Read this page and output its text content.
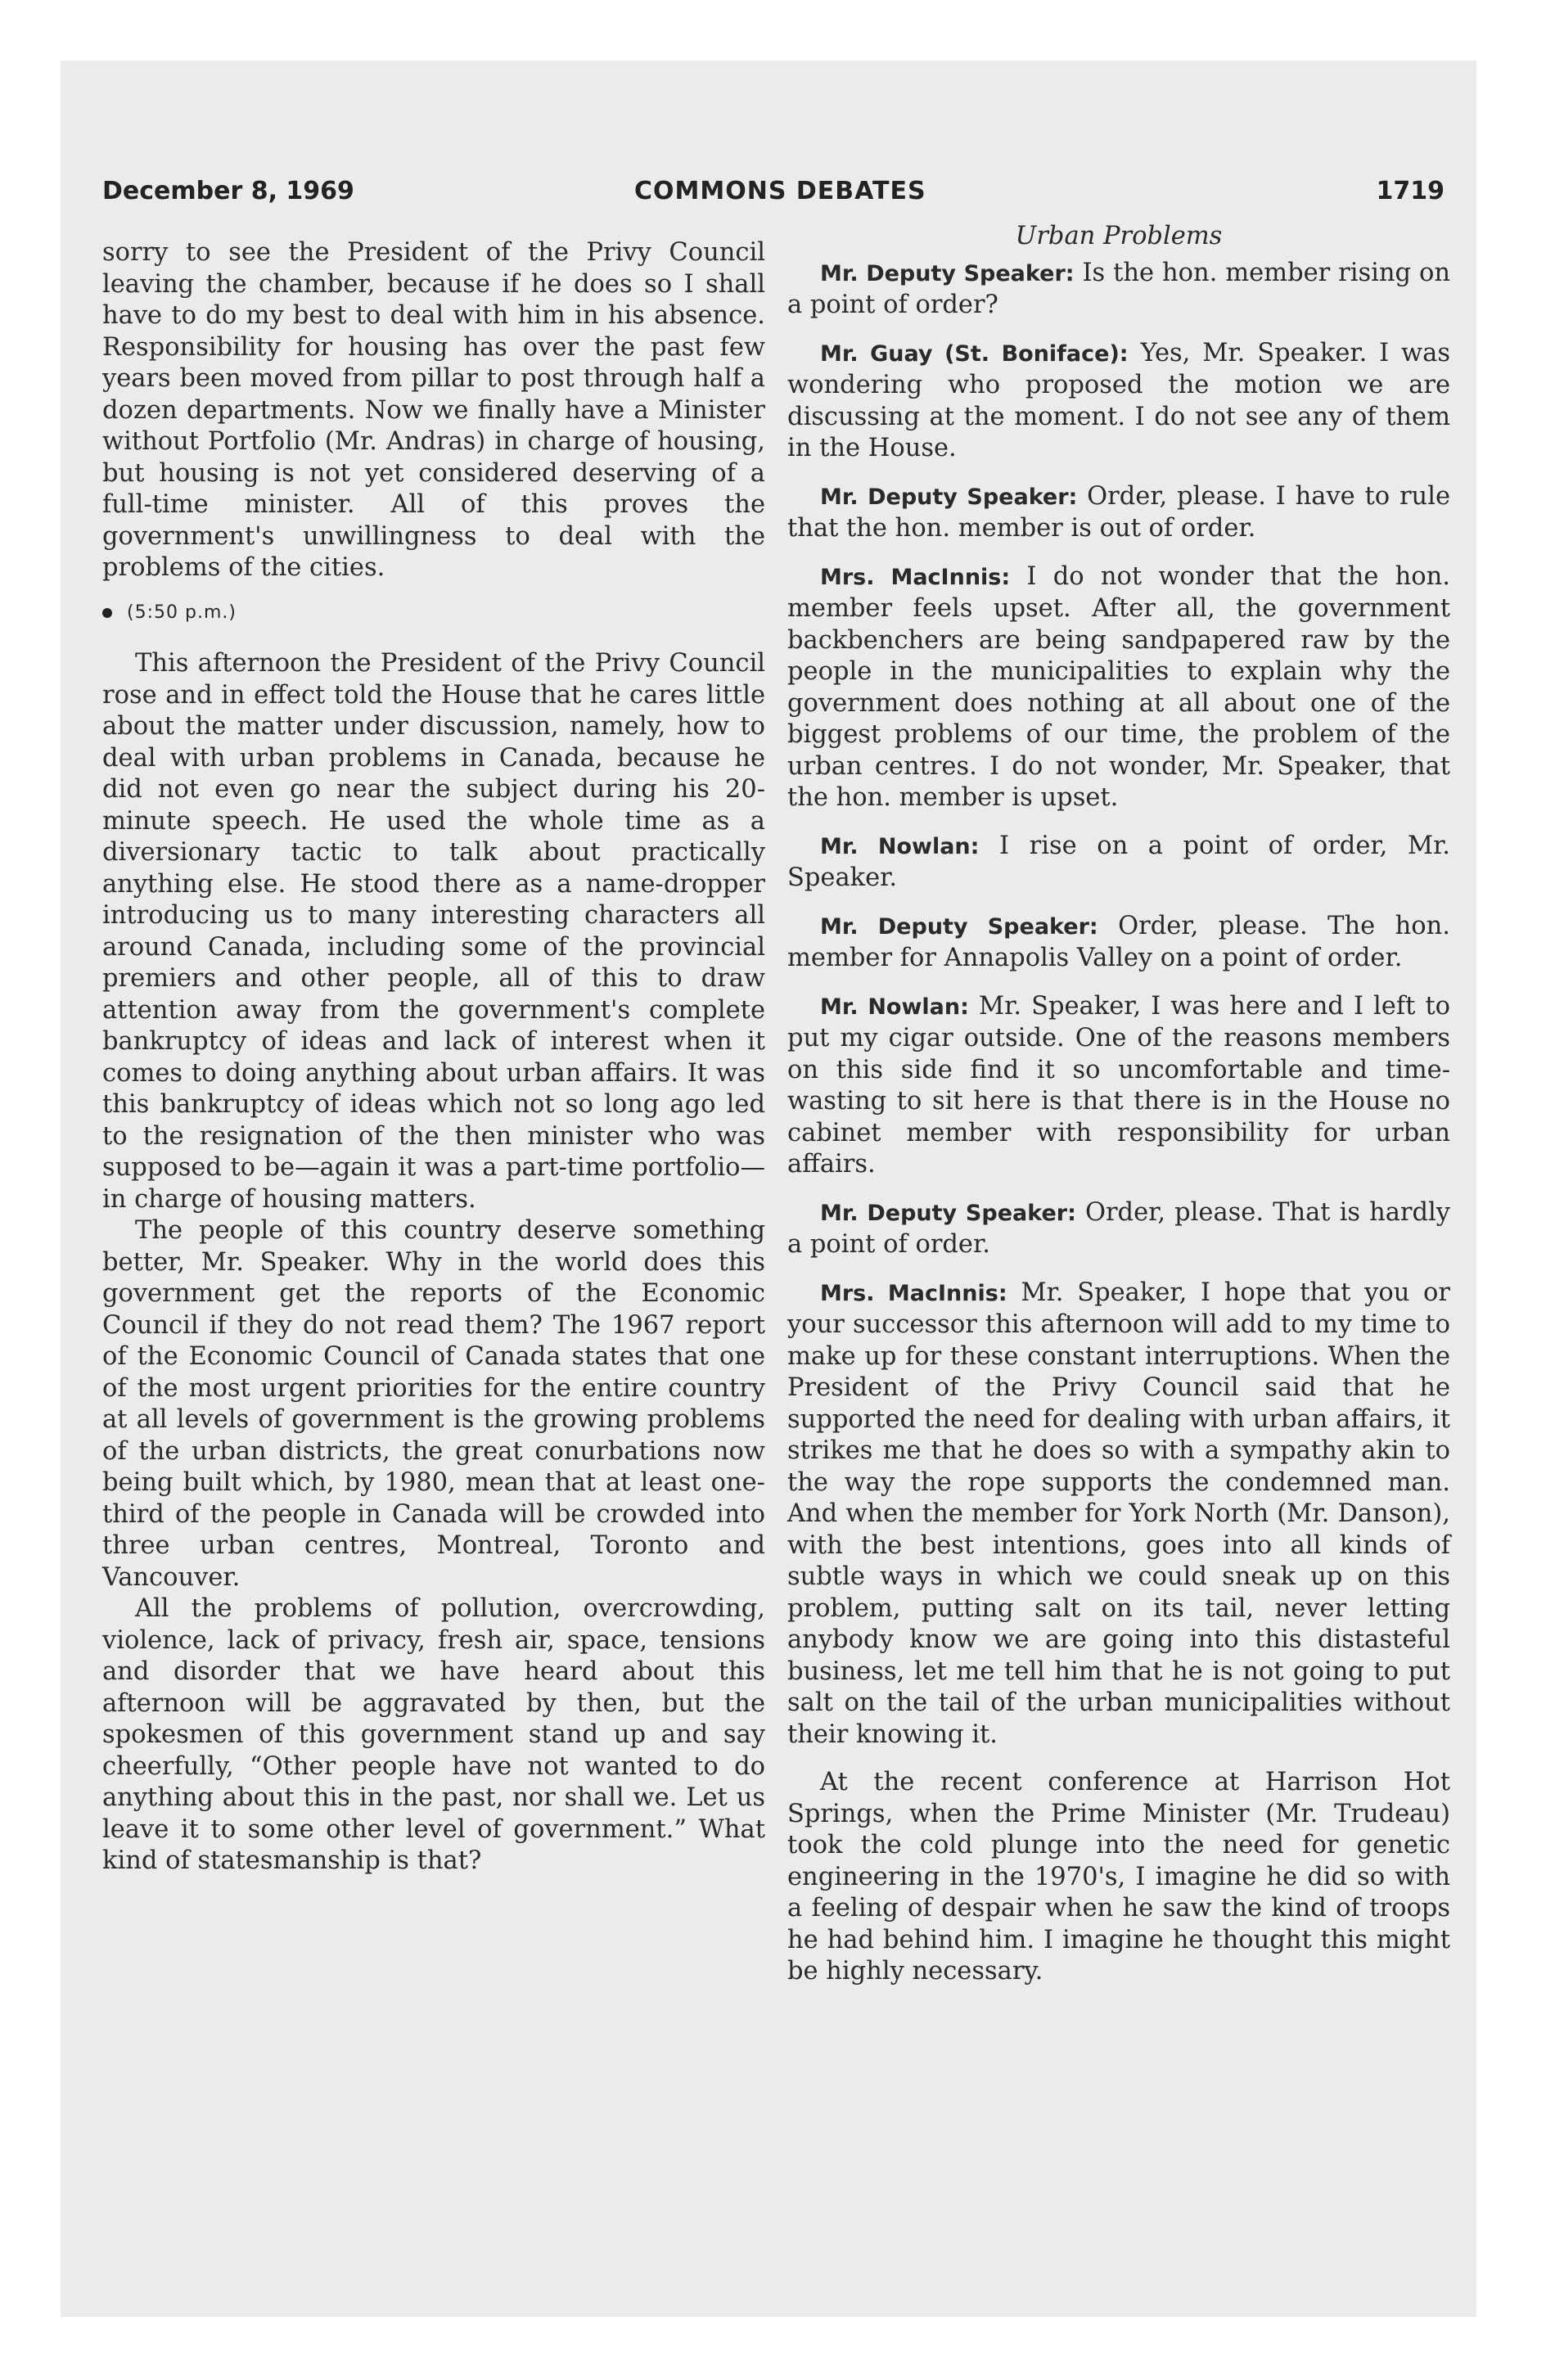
December 8, 1969	COMMONS DEBATES	1719

sorry to see the President of the Privy Council leaving the chamber, because if he does so I shall have to do my best to deal with him in his absence. Responsibility for housing has over the past few years been moved from pillar to post through half a dozen departments. Now we finally have a Minister without Portfolio (Mr. Andras) in charge of housing, but housing is not yet considered deserving of a full-time minister. All of this proves the government's unwillingness to deal with the problems of the cities.

(5:50 p.m.)

This afternoon the President of the Privy Council rose and in effect told the House that he cares little about the matter under discussion, namely, how to deal with urban problems in Canada, because he did not even go near the subject during his 20-minute speech. He used the whole time as a diversionary tactic to talk about practically anything else. He stood there as a name-dropper introducing us to many interesting characters all around Canada, including some of the provincial premiers and other people, all of this to draw attention away from the government's complete bankruptcy of ideas and lack of interest when it comes to doing anything about urban affairs. It was this bankruptcy of ideas which not so long ago led to the resignation of the then minister who was supposed to be—again it was a part-time portfolio—in charge of housing matters.

The people of this country deserve something better, Mr. Speaker. Why in the world does this government get the reports of the Economic Council if they do not read them? The 1967 report of the Economic Council of Canada states that one of the most urgent priorities for the entire country at all levels of government is the growing problems of the urban districts, the great conurbations now being built which, by 1980, mean that at least one-third of the people in Canada will be crowded into three urban centres, Montreal, Toronto and Vancouver.

All the problems of pollution, overcrowding, violence, lack of privacy, fresh air, space, tensions and disorder that we have heard about this afternoon will be aggravated by then, but the spokesmen of this government stand up and say cheerfully, “Other people have not wanted to do anything about this in the past, nor shall we. Let us leave it to some other level of government.” What kind of statesmanship is that?

Urban Problems

Mr. Deputy Speaker: Is the hon. member rising on a point of order?

Mr. Guay (St. Boniface): Yes, Mr. Speaker. I was wondering who proposed the motion we are discussing at the moment. I do not see any of them in the House.

Mr. Deputy Speaker: Order, please. I have to rule that the hon. member is out of order.

Mrs. MacInnis: I do not wonder that the hon. member feels upset. After all, the government backbenchers are being sandpapered raw by the people in the municipalities to explain why the government does nothing at all about one of the biggest problems of our time, the problem of the urban centres. I do not wonder, Mr. Speaker, that the hon. member is upset.

Mr. Nowlan: I rise on a point of order, Mr. Speaker.

Mr. Deputy Speaker: Order, please. The hon. member for Annapolis Valley on a point of order.

Mr. Nowlan: Mr. Speaker, I was here and I left to put my cigar outside. One of the reasons members on this side find it so uncomfortable and time-wasting to sit here is that there is in the House no cabinet member with responsibility for urban affairs.

Mr. Deputy Speaker: Order, please. That is hardly a point of order.

Mrs. MacInnis: Mr. Speaker, I hope that you or your successor this afternoon will add to my time to make up for these constant interruptions. When the President of the Privy Council said that he supported the need for dealing with urban affairs, it strikes me that he does so with a sympathy akin to the way the rope supports the condemned man. And when the member for York North (Mr. Danson), with the best intentions, goes into all kinds of subtle ways in which we could sneak up on this problem, putting salt on its tail, never letting anybody know we are going into this distasteful business, let me tell him that he is not going to put salt on the tail of the urban municipalities without their knowing it.

At the recent conference at Harrison Hot Springs, when the Prime Minister (Mr. Trudeau) took the cold plunge into the need for genetic engineering in the 1970's, I imagine he did so with a feeling of despair when he saw the kind of troops he had behind him. I imagine he thought this might be highly necessary.
